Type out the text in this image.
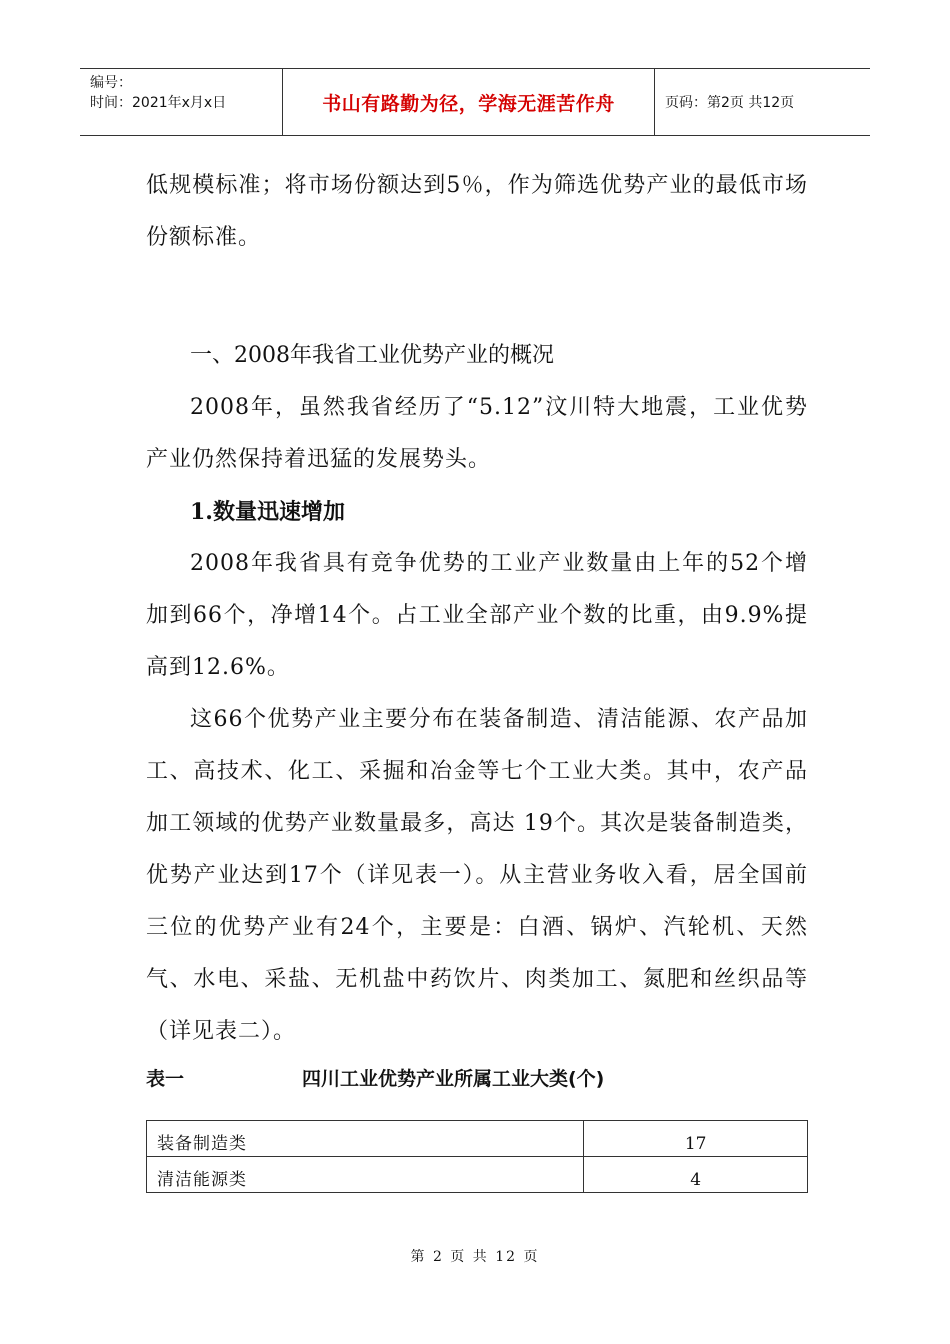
编号：
时间：2021年x月x日	书山有路勤为径，学海无涯苦作舟	页码：第2页 共12页

低规模标准；将市场份额达到5％，作为筛选优势产业的最低市场份额标准。

一、2008年我省工业优势产业的概况

2008年，虽然我省经历了“5.12”汶川特大地震，工业优势产业仍然保持着迅猛的发展势头。

1.数量迅速增加

2008年我省具有竞争优势的工业产业数量由上年的52个增加到66个，净增14个。占工业全部产业个数的比重，由9.9%提高到12.6%。

这66个优势产业主要分布在装备制造、清洁能源、农产品加工、高技术、化工、采掘和冶金等七个工业大类。其中，农产品加工领域的优势产业数量最多，高达 19个。其次是装备制造类，优势产业达到17个（详见表一）。从主营业务收入看，居全国前三位的优势产业有24个，主要是：白酒、锅炉、汽轮机、天然气、水电、采盐、无机盐中药饮片、肉类加工、氮肥和丝织品等（详见表二）。

表一	四川工业优势产业所属工业大类(个)
装备制造类	17
清洁能源类	4
第 2 页 共 12 页
